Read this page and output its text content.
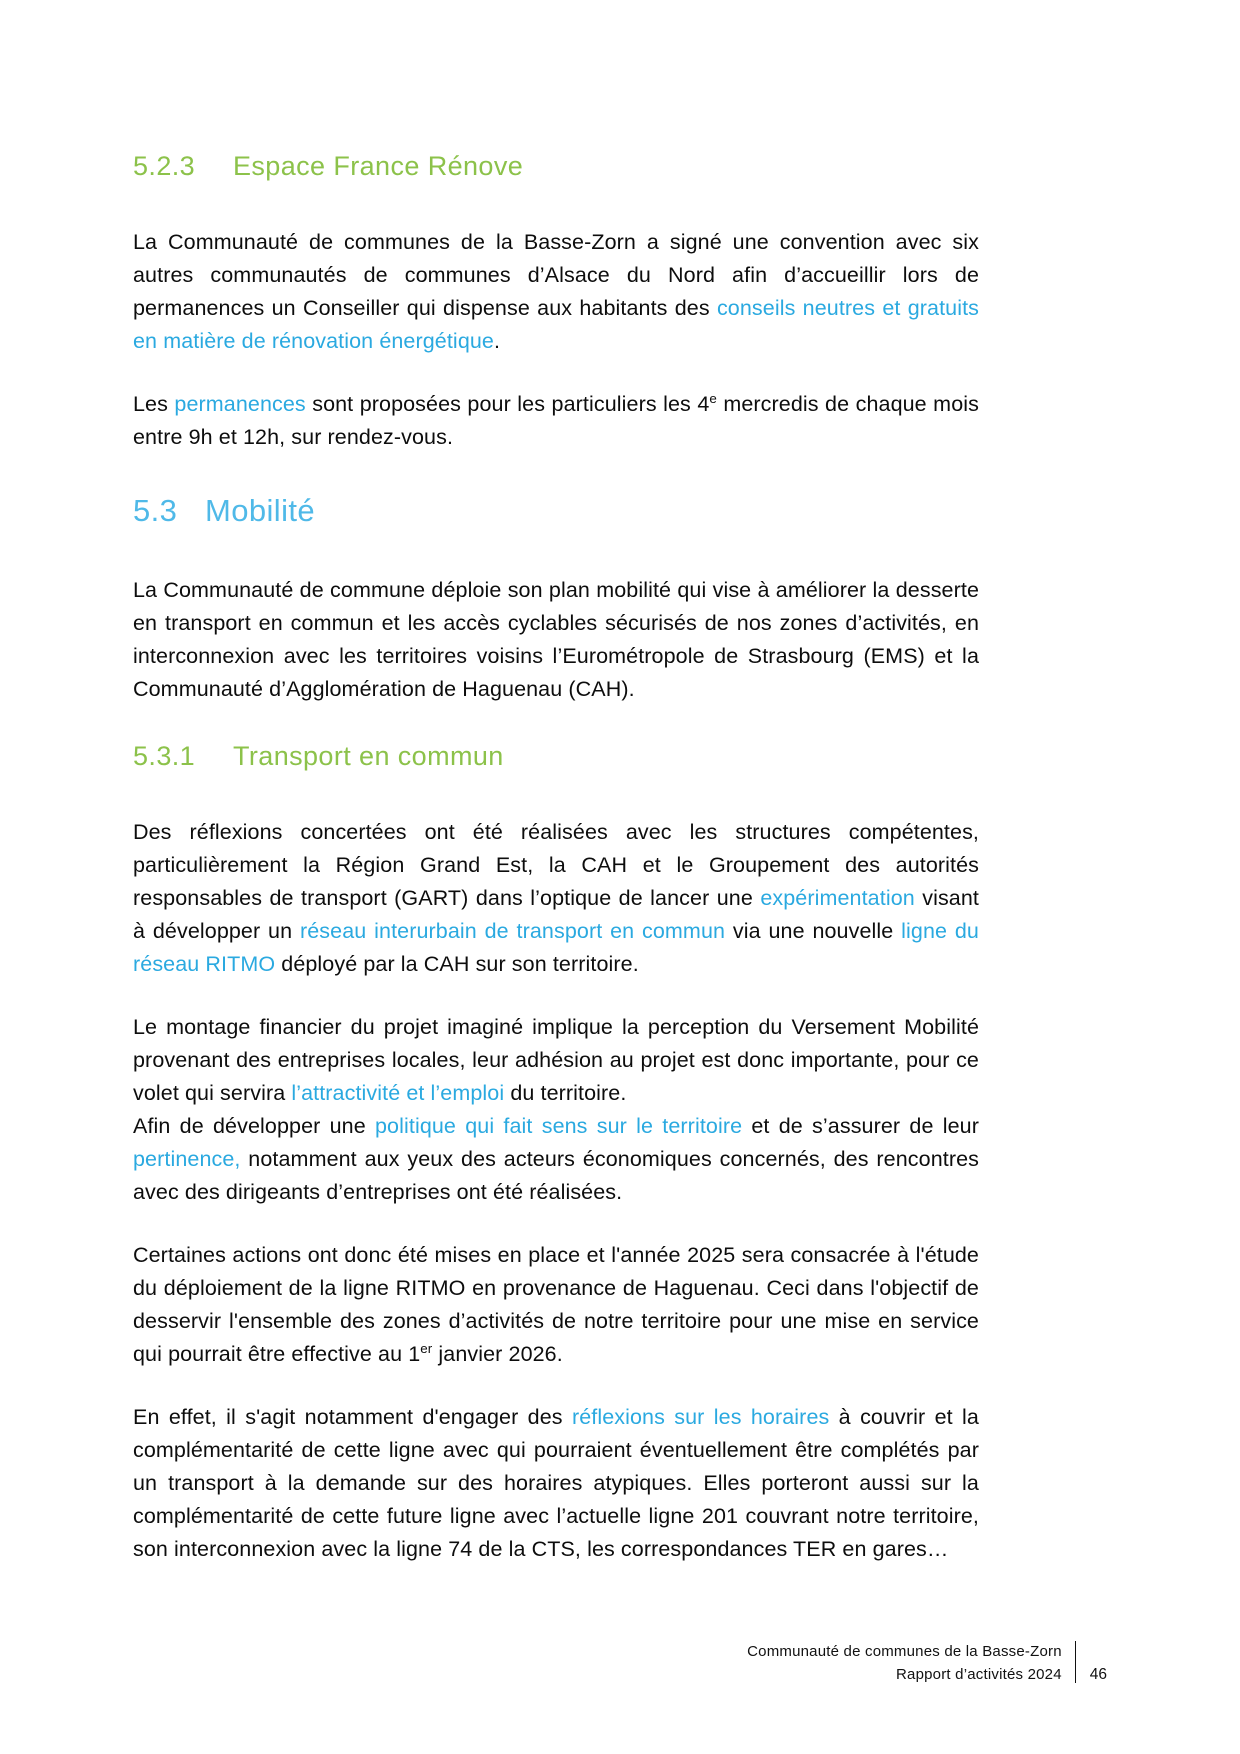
5.2.3	Espace France Rénove

La Communauté de communes de la Basse-Zorn a signé une convention avec six autres communautés de communes d’Alsace du Nord afin d’accueillir lors de permanences un Conseiller qui dispense aux habitants des conseils neutres et gratuits en matière de rénovation énergétique.

Les permanences sont proposées pour les particuliers les 4e mercredis de chaque mois entre 9h et 12h, sur rendez-vous.

5.3 Mobilité

La Communauté de commune déploie son plan mobilité qui vise à améliorer la desserte en transport en commun et les accès cyclables sécurisés de nos zones d’activités, en interconnexion avec les territoires voisins l’Eurométropole de Strasbourg (EMS) et la Communauté d’Agglomération de Haguenau (CAH).

5.3.1	Transport en commun

Des réflexions concertées ont été réalisées avec les structures compétentes, particulièrement la Région Grand Est, la CAH et le Groupement des autorités responsables de transport (GART) dans l’optique de lancer une expérimentation visant à développer un réseau interurbain de transport en commun via une nouvelle ligne du réseau RITMO déployé par la CAH sur son territoire.

Le montage financier du projet imaginé implique la perception du Versement Mobilité provenant des entreprises locales, leur adhésion au projet est donc importante, pour ce volet qui servira l’attractivité et l’emploi du territoire.

Afin de développer une politique qui fait sens sur le territoire et de s’assurer de leur pertinence, notamment aux yeux des acteurs économiques concernés, des rencontres avec des dirigeants d’entreprises ont été réalisées.

Certaines actions ont donc été mises en place et l'année 2025 sera consacrée à l'étude du déploiement de la ligne RITMO en provenance de Haguenau. Ceci dans l'objectif de desservir l'ensemble des zones d’activités de notre territoire pour une mise en service qui pourrait être effective au 1er janvier 2026.

En effet, il s'agit notamment d'engager des réflexions sur les horaires à couvrir et la complémentarité de cette ligne avec qui pourraient éventuellement être complétés par un transport à la demande sur des horaires atypiques. Elles porteront aussi sur la complémentarité de cette future ligne avec l’actuelle ligne 201 couvrant notre territoire, son interconnexion avec la ligne 74 de la CTS, les correspondances TER en gares…

Communauté de communes de la Basse-Zorn
Rapport d’activités 2024	46
